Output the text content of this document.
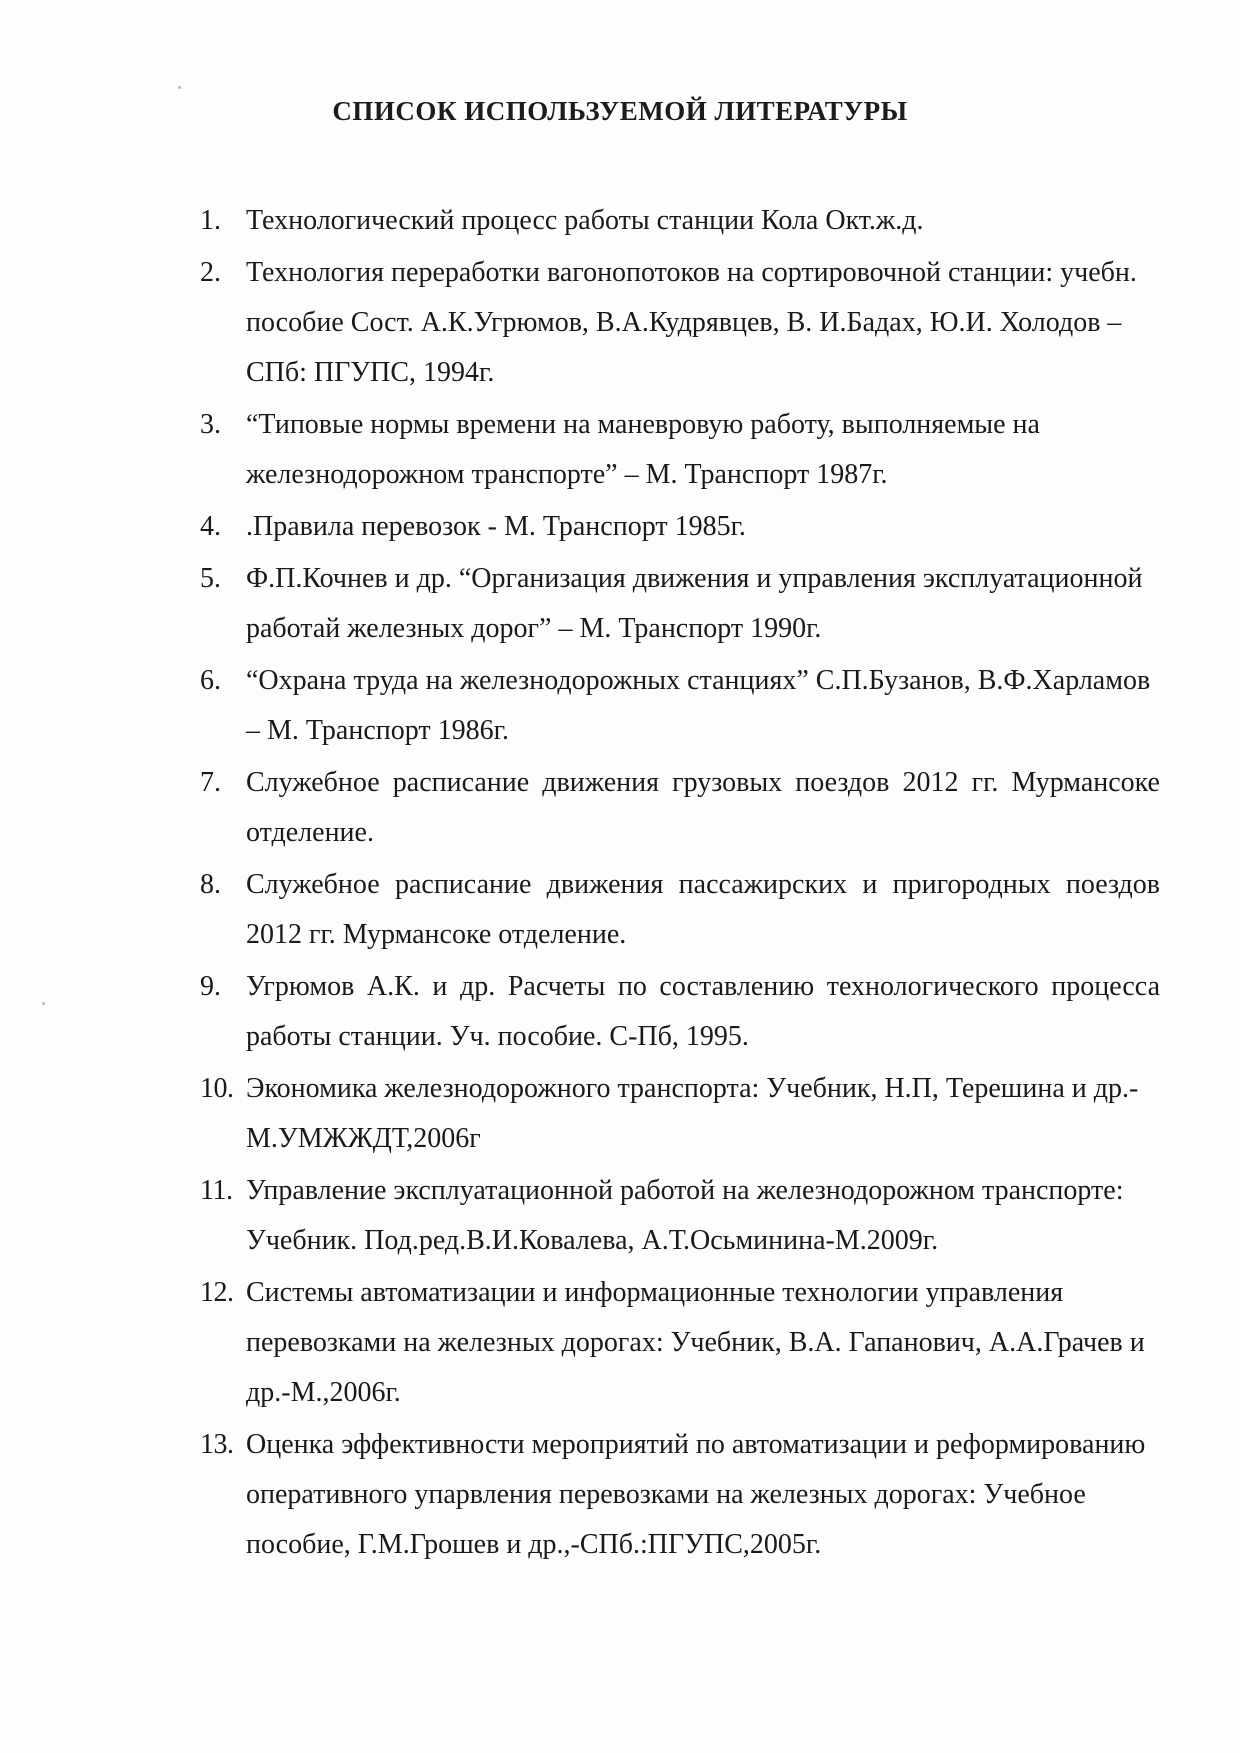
СПИСОК ИСПОЛЬЗУЕМОЙ ЛИТЕРАТУРЫ
1. Технологический процесс работы станции Кола Окт.ж.д.
2. Технология переработки вагонопотоков на сортировочной станции: учебн. пособие Сост. А.К.Угрюмов, В.А.Кудрявцев, В. И.Бадах, Ю.И. Холодов – СПб: ПГУПС, 1994г.
3. “Типовые нормы времени на маневровую работу, выполняемые на железнодорожном транспорте” – М. Транспорт 1987г.
4. .Правила перевозок - М. Транспорт 1985г.
5. Ф.П.Кочнев и др. “Организация движения и управления эксплуатационной работай железных дорог” – М. Транспорт 1990г.
6. “Охрана труда на железнодорожных станциях” С.П.Бузанов, В.Ф.Харламов – М. Транспорт 1986г.
7. Служебное расписание движения грузовых поездов 2012 гг. Мурмансоке отделение.
8. Служебное расписание движения пассажирских и пригородных поездов 2012 гг. Мурмансоке отделение.
9. Угрюмов А.К. и др. Расчеты по составлению технологического процесса работы станции. Уч. пособие. С-Пб, 1995.
10. Экономика железнодорожного транспорта: Учебник, Н.П, Терешина и др.-М.УМЖЖДТ,2006г
11. Управление эксплуатационной работой на железнодорожном транспорте: Учебник. Под.ред.В.И.Ковалева, А.Т.Осьминина-М.2009г.
12. Системы автоматизации и информационные технологии управления перевозками на железных дорогах: Учебник, В.А. Гапанович, А.А.Грачев и др.-М.,2006г.
13. Оценка эффективности мероприятий по автоматизации и реформированию оперативного упарвления перевозками на железных дорогах: Учебное пособие, Г.М.Грошев и др.,-СПб.:ПГУПС,2005г.
